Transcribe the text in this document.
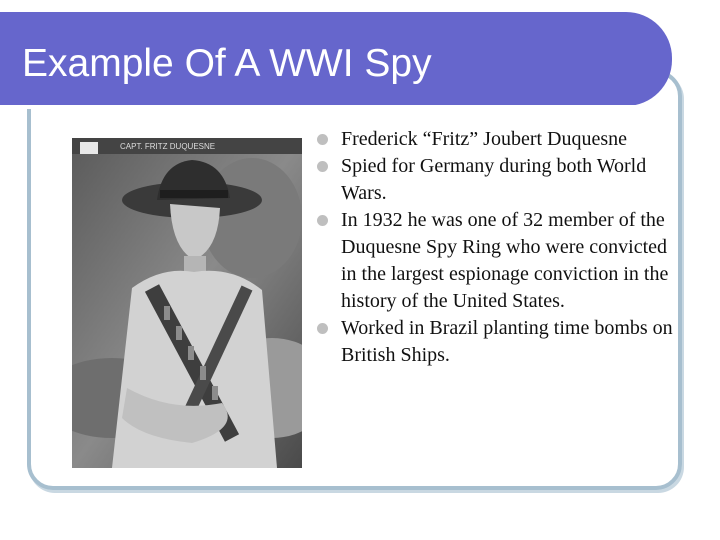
Example Of A WWI Spy
CAPT. FRITZ DUQUESNE	Frederick “Fritz” Joubert Duquesne
Spied for Germany during both World Wars.
In 1932 he was one of 32 member of the Duquesne Spy Ring who were convicted in the largest espionage conviction in the history of the United States.
Worked in Brazil planting time bombs on British Ships.
